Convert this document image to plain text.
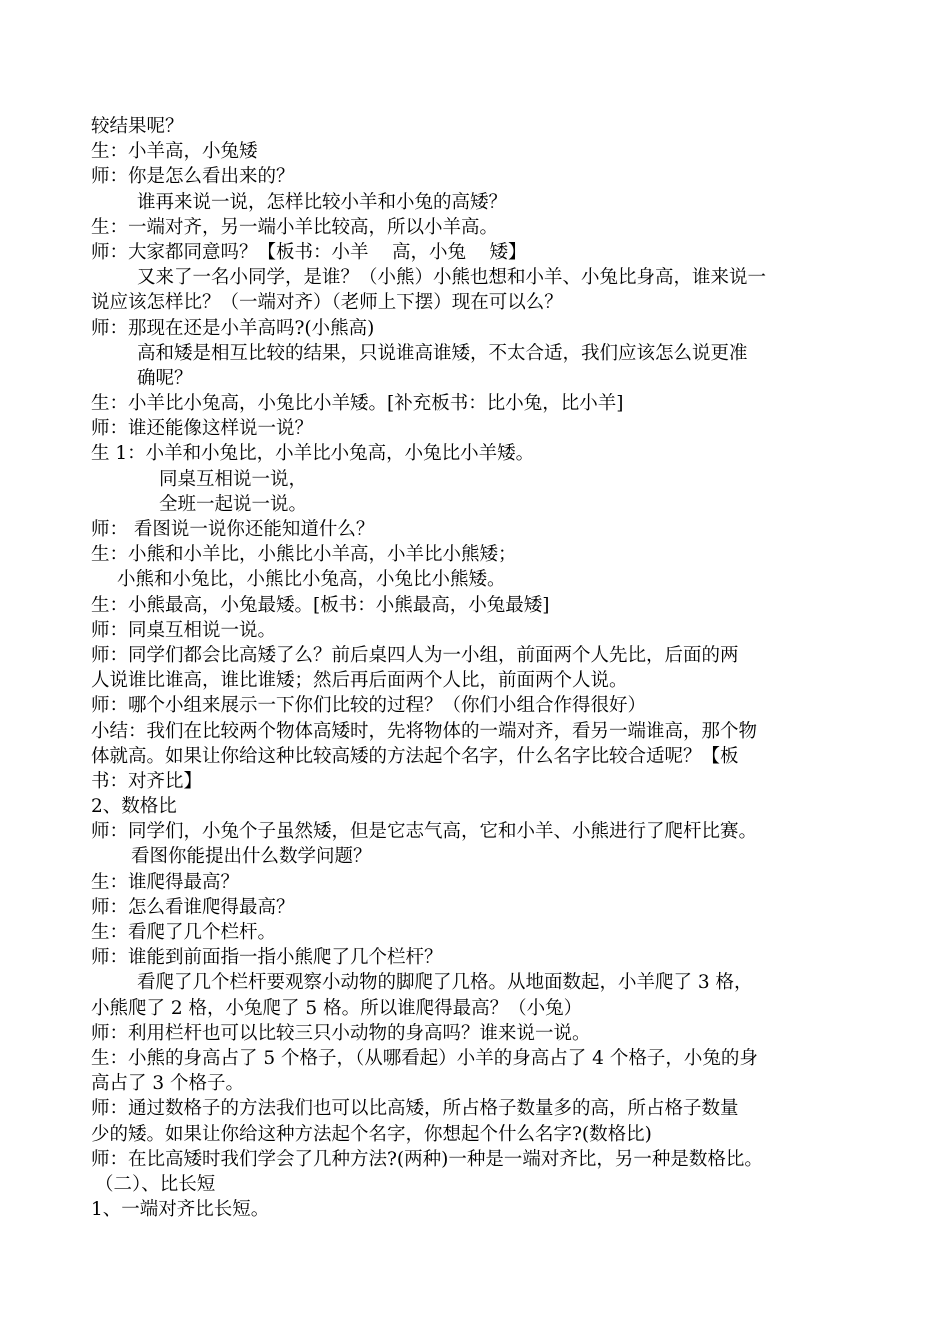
较结果呢？
生：小羊高，小兔矮
师：你是怎么看出来的？
谁再来说一说，怎样比较小羊和小兔的高矮？
生：一端对齐，另一端小羊比较高，所以小羊高。
师：大家都同意吗？【板书：小羊    高，小兔    矮】
又来了一名小同学，是谁？（小熊）小熊也想和小羊、小兔比身高，谁来说一
说应该怎样比？（一端对齐）（老师上下摆）现在可以么？
师：那现在还是小羊高吗?(小熊高)
高和矮是相互比较的结果，只说谁高谁矮，不太合适，我们应该怎么说更准
确呢？
生：小羊比小兔高，小兔比小羊矮。[补充板书：比小兔，比小羊]
师：谁还能像这样说一说？
生 1：小羊和小兔比，小羊比小兔高，小兔比小羊矮。
同桌互相说一说，
全班一起说一说。
师： 看图说一说你还能知道什么？
生：小熊和小羊比，小熊比小羊高，小羊比小熊矮；
小熊和小兔比，小熊比小兔高，小兔比小熊矮。
生：小熊最高，小兔最矮。[板书：小熊最高，小兔最矮]
师：同桌互相说一说。
师：同学们都会比高矮了么？前后桌四人为一小组，前面两个人先比，后面的两
人说谁比谁高，谁比谁矮；然后再后面两个人比，前面两个人说。
师：哪个小组来展示一下你们比较的过程？（你们小组合作得很好）
小结：我们在比较两个物体高矮时，先将物体的一端对齐，看另一端谁高，那个物
体就高。如果让你给这种比较高矮的方法起个名字，什么名字比较合适呢？【板
书：对齐比】
2、数格比
师：同学们，小兔个子虽然矮，但是它志气高，它和小羊、小熊进行了爬杆比赛。
看图你能提出什么数学问题？
生：谁爬得最高？
师：怎么看谁爬得最高？
生：看爬了几个栏杆。
师：谁能到前面指一指小熊爬了几个栏杆？
看爬了几个栏杆要观察小动物的脚爬了几格。从地面数起，小羊爬了 3 格，
小熊爬了 2 格，小兔爬了 5 格。所以谁爬得最高？（小兔）
师：利用栏杆也可以比较三只小动物的身高吗？谁来说一说。
生：小熊的身高占了 5 个格子，（从哪看起）小羊的身高占了 4 个格子，小兔的身
高占了 3 个格子。
师：通过数格子的方法我们也可以比高矮，所占格子数量多的高，所占格子数量
少的矮。如果让你给这种方法起个名字，你想起个什么名字?(数格比)
师：在比高矮时我们学会了几种方法?(两种)一种是一端对齐比，另一种是数格比。
（二）、比长短
1、一端对齐比长短。
